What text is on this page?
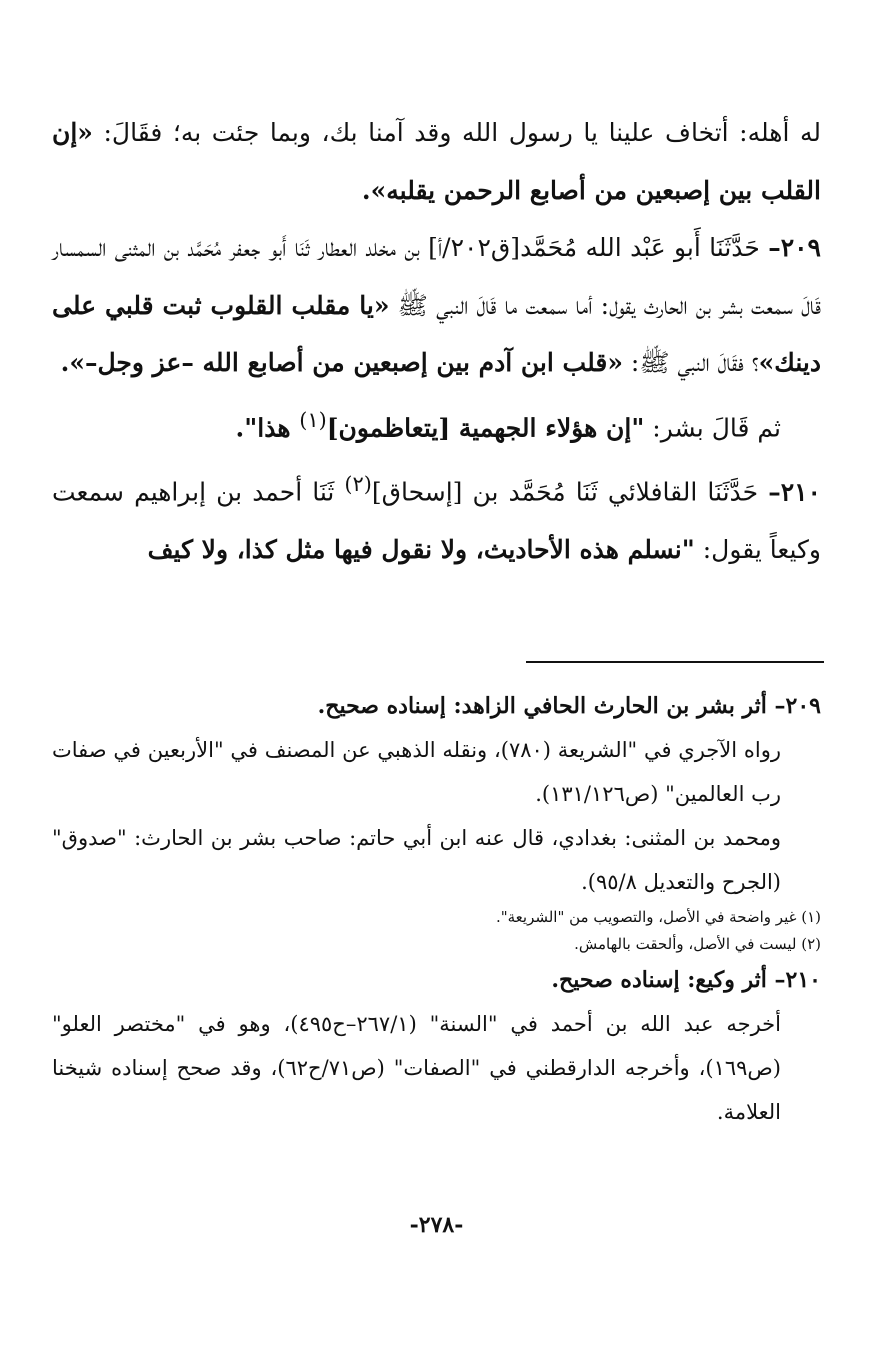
له أهله: أتخاف علينا يا رسول الله وقد آمنا بك، وبما جئت به؛ فقَالَ: «إن القلب بين إصبعين من أصابع الرحمن يقلبه».

٢٠٩– حَدَّثَنَا أَبو عَبْد الله مُحَمَّد[ق٢٠٢/أ] بن مخلد العطار ثَنَا أَبو جعفر مُحَمَّد بن المثنى السمسار قَالَ سمعت بشر بن الحارث يقول: أما سمعت ما قَالَ النبي ﷺ «يا مقلب القلوب ثبت قلبي على دينك»؟ فقَالَ النبي ﷺ: «قلب ابن آدم بين إصبعين من أصابع الله –عز وجل–».

ثم قَالَ بشر: "إن هؤلاء الجهمية [يتعاظمون]$^{(١)}$ هذا".

٢١٠– حَدَّثَنَا القافلائي ثَنَا مُحَمَّد بن [إسحاق]$^{(٢)}$ ثَنَا أحمد بن إبراهيم سمعت وكيعاً يقول: "نسلم هذه الأحاديث، ولا نقول فيها مثل كذا، ولا كيف

٢٠٩– أثر بشر بن الحارث الحافي الزاهد: إسناده صحيح.

رواه الآجري في "الشريعة (٧٨٠)، ونقله الذهبي عن المصنف في "الأربعين في صفات رب العالمين" (ص١٣١/١٢٦).

ومحمد بن المثنى: بغدادي، قال عنه ابن أبي حاتم: صاحب بشر بن الحارث: "صدوق" (الجرح والتعديل ٩٥/٨).

(١) غير واضحة في الأصل، والتصويب من "الشريعة".

(٢) ليست في الأصل، وألحقت بالهامش.

٢١٠– أثر وكيع: إسناده صحيح.

أخرجه عبد الله بن أحمد في "السنة" (٢٦٧/١–ح٤٩٥)، وهو في "مختصر العلو" (ص١٦٩)، وأخرجه الدارقطني في "الصفات" (ص٧١/ح٦٢)، وقد صحح إسناده شيخنا العلامة.

-٢٧٨-
